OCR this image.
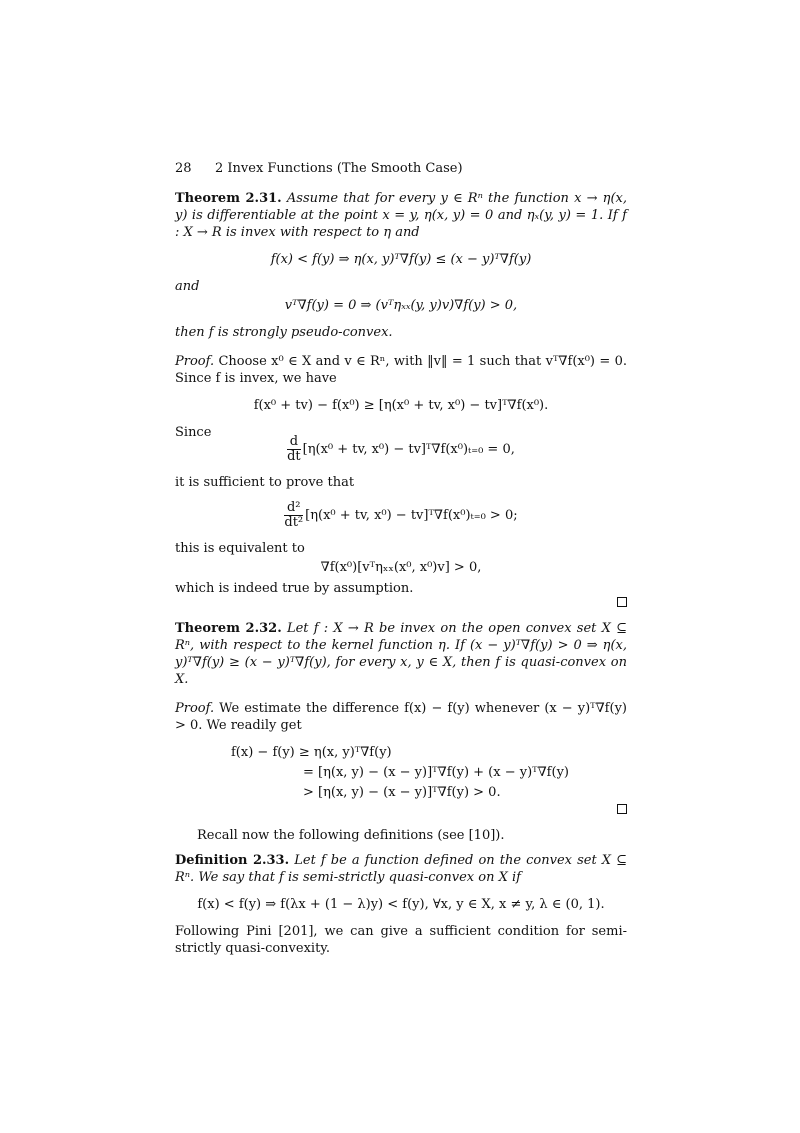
28 2 Invex Functions (The Smooth Case)

Theorem 2.31. Assume that for every y ∈ Rⁿ the function x → η(x, y) is differentiable at the point x = y, η(x, y) = 0 and ηₓ(y, y) = 1. If f : X → R is invex with respect to η and

f(x) < f(y) ⇒ η(x, y)ᵀ∇f(y) ≤ (x − y)ᵀ∇f(y)

and

vᵀ∇f(y) = 0 ⇒ (vᵀηₓₓ(y, y)v)∇f(y) > 0,

then f is strongly pseudo-convex.

Proof. Choose x⁰ ∈ X and v ∈ Rⁿ, with ‖v‖ = 1 such that vᵀ∇f(x⁰) = 0. Since f is invex, we have

f(x⁰ + tv) − f(x⁰) ≥ [η(x⁰ + tv, x⁰) − tv]ᵀ∇f(x⁰).

Since

$\frac{d}{dt} [\eta(x^0$ + tv, x⁰) − tv]ᵀ∇f(x⁰)ₜ₌₀ = 0,

it is sufficient to prove that

$\frac{\text{d²}}{\text{dt²}} [\eta(x^0$ + tv, x⁰) − tv]ᵀ∇f(x⁰)ₜ₌₀ > 0;

this is equivalent to

∇f(x⁰)[vᵀηₓₓ(x⁰, x⁰)v] > 0,

which is indeed true by assumption.

Theorem 2.32. Let f : X → R be invex on the open convex set X ⊆ Rⁿ, with respect to the kernel function η. If (x − y)ᵀ∇f(y) > 0 ⇒ η(x, y)ᵀ∇f(y) ≥ (x − y)ᵀ∇f(y), for every x, y ∈ X, then f is quasi-convex on X.

Proof. We estimate the difference f(x) − f(y) whenever (x − y)ᵀ∇f(y) > 0. We readily get

f(x) − f(y) ≥ η(x, y)ᵀ∇f(y)
= [η(x, y) − (x − y)]ᵀ∇f(y) + (x − y)ᵀ∇f(y)
> [η(x, y) − (x − y)]ᵀ∇f(y) > 0.

Recall now the following definitions (see [10]).

Definition 2.33. Let f be a function defined on the convex set X ⊆ Rⁿ. We say that f is semi-strictly quasi-convex on X if

f(x) < f(y) ⇒ f(λx + (1 − λ)y) < f(y), ∀x, y ∈ X, x ≠ y, λ ∈ (0, 1).

Following Pini [201], we can give a sufficient condition for semi-strictly quasi-convexity.
